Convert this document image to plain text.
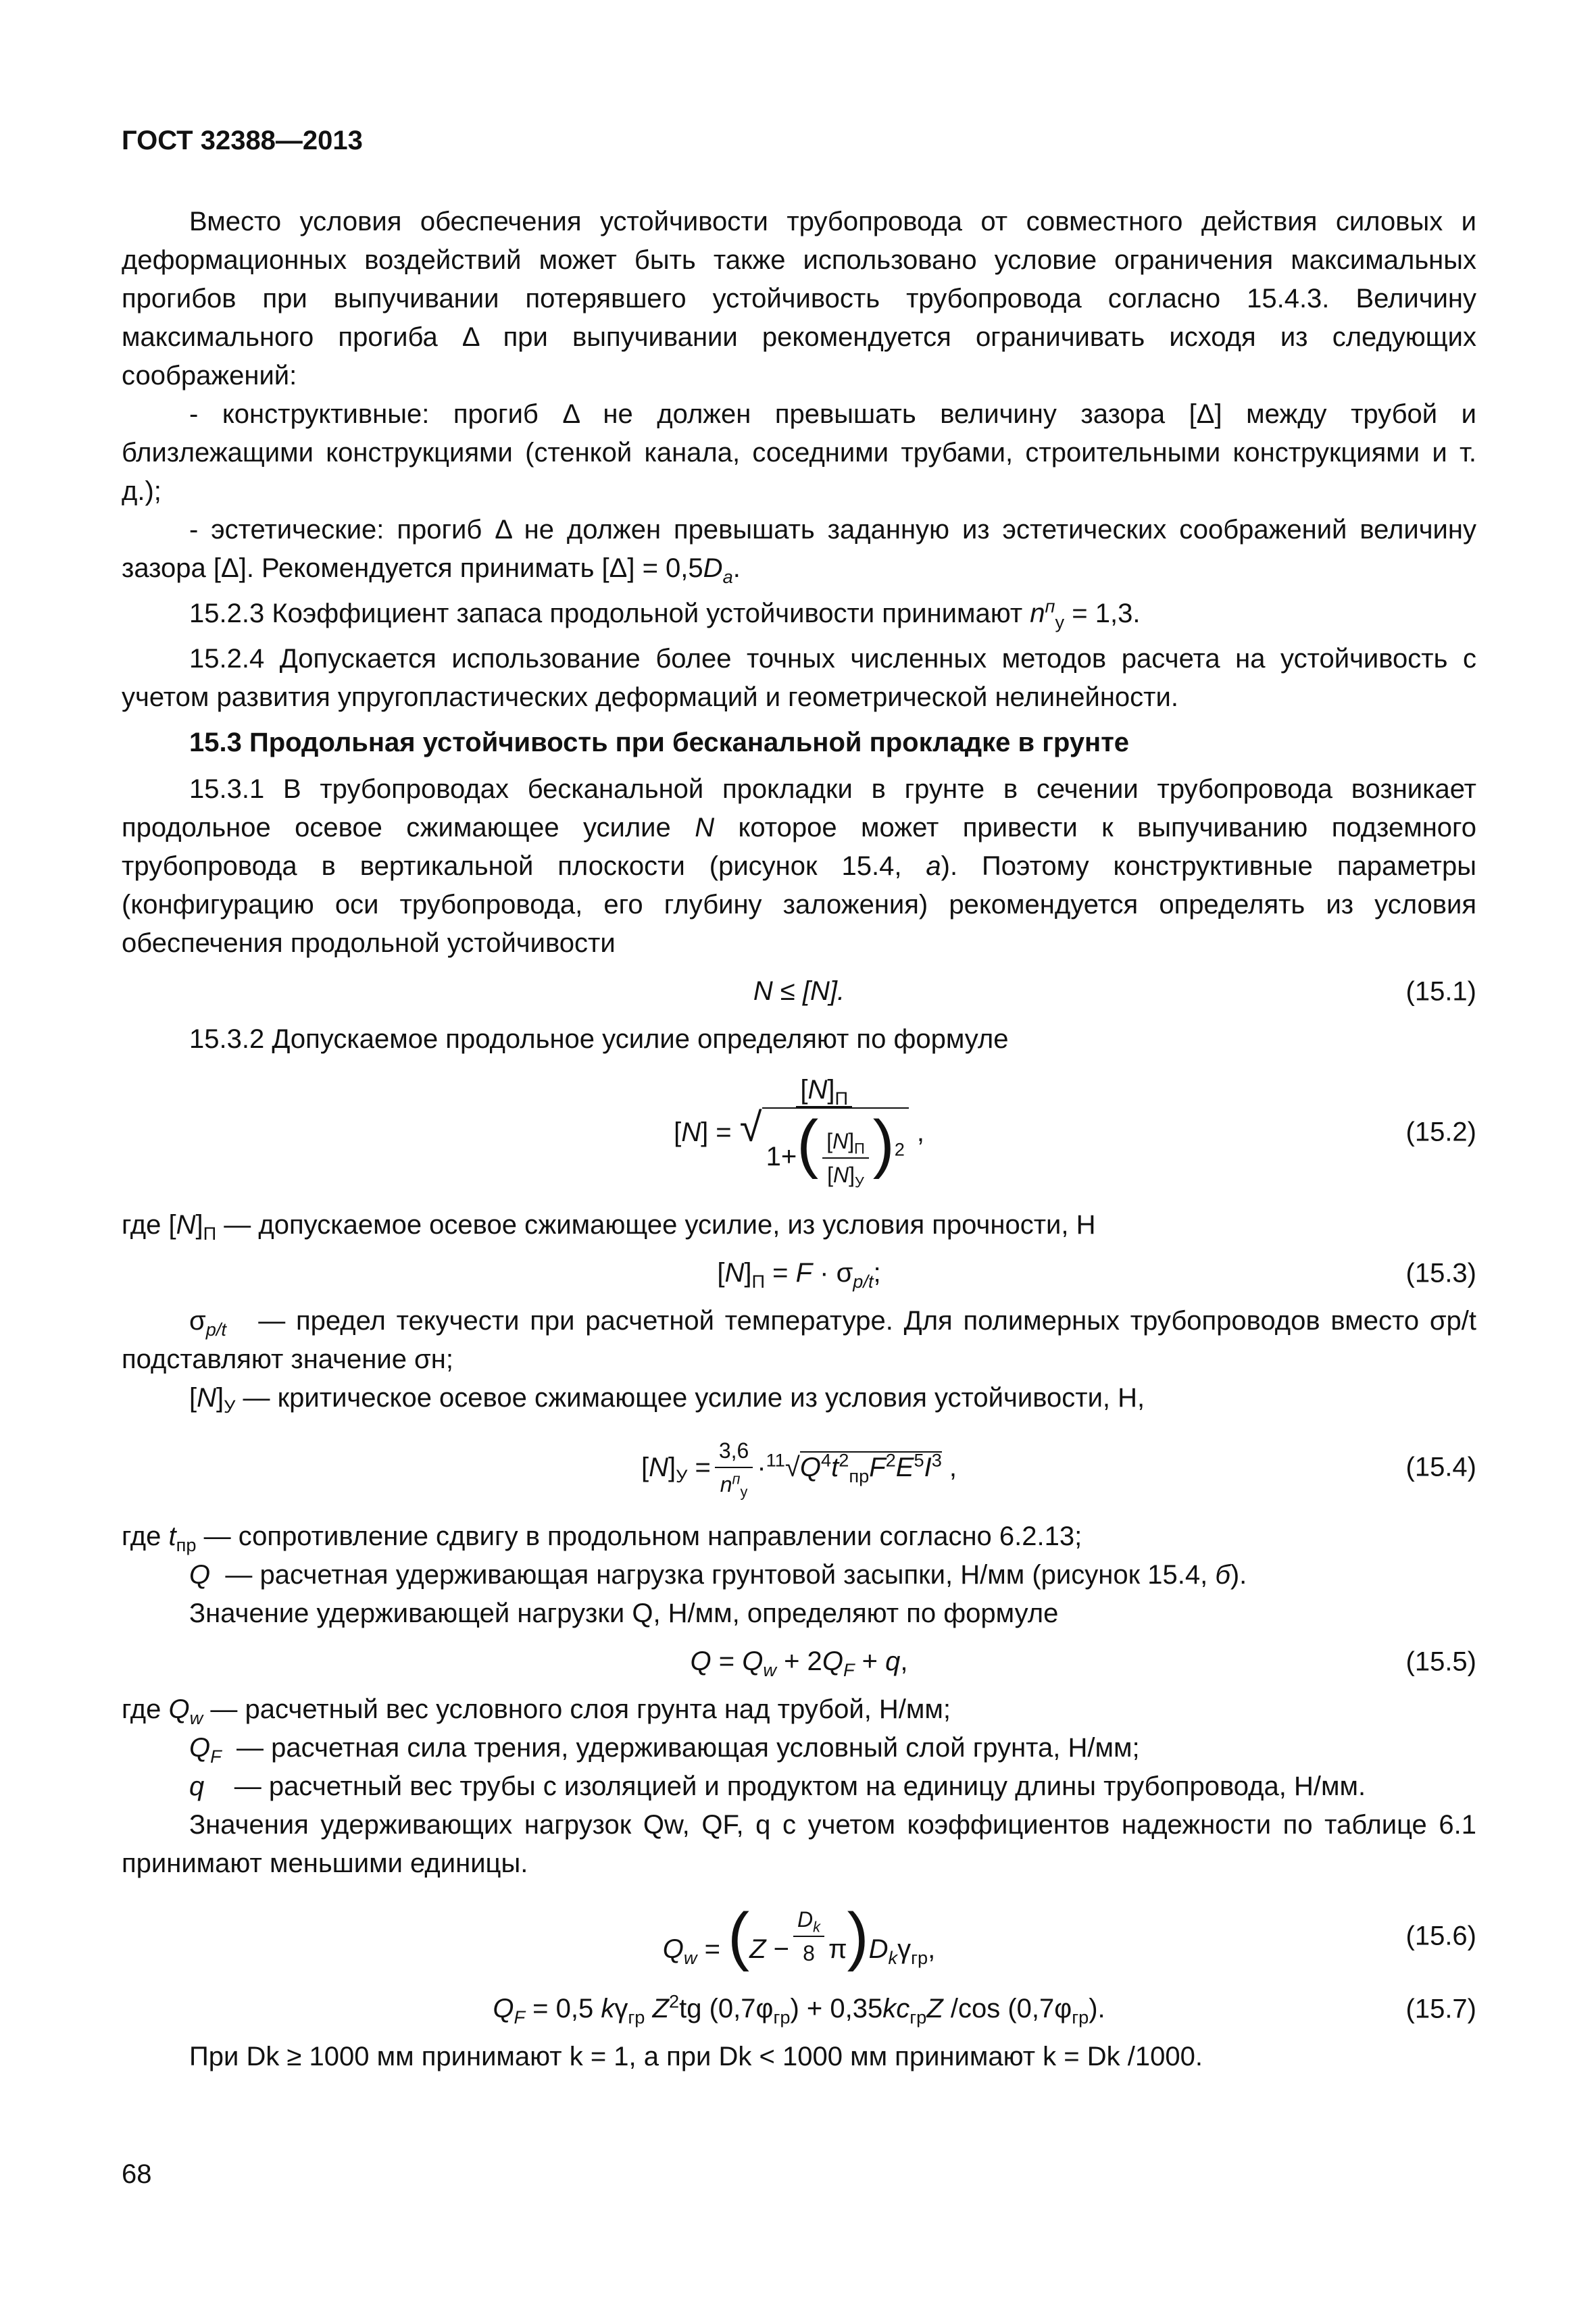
ГОСТ 32388—2013

Вместо условия обеспечения устойчивости трубопровода от совместного действия силовых и деформационных воздействий может быть также использовано условие ограничения максимальных прогибов при выпучивании потерявшего устойчивость трубопровода согласно 15.4.3. Величину максимального прогиба Δ при выпучивании рекомендуется ограничивать исходя из следующих соображений:

- конструктивные: прогиб Δ не должен превышать величину зазора [Δ] между трубой и близлежащими конструкциями (стенкой канала, соседними трубами, строительными конструкциями и т. д.);

- эстетические: прогиб Δ не должен превышать заданную из эстетических соображений величину зазора [Δ]. Рекомендуется принимать $[\Delta] = 0,5D_a$.

15.2.3 Коэффициент запаса продольной устойчивости принимают $n^п_у = 1,3$.

15.2.4 Допускается использование более точных численных методов расчета на устойчивость с учетом развития упругопластических деформаций и геометрической нелинейности.

15.3 Продольная устойчивость при бесканальной прокладке в грунте

15.3.1 В трубопроводах бесканальной прокладки в грунте в сечении трубопровода возникает продольное осевое сжимающее усилие N которое может привести к выпучиванию подземного трубопровода в вертикальной плоскости (рисунок 15.4, а). Поэтому конструктивные параметры (конфигурацию оси трубопровода, его глубину заложения) рекомендуется определять из условия обеспечения продольной устойчивости

N ≤ [N].	(15.1)

15.3.2 Допускаемое продольное усилие определяют по формуле

$[N] = [N]_П$
√
$1+( \frac{[N]_П}{[N]_У} )^2$ ,	(15.2)

где $[N]_П$ — допускаемое осевое сжимающее усилие, из условия прочности, Н

$[N]_П = F \cdot \sigma_{p/t}$;	(15.3)

$\sigma_{p/t}$ — предел текучести при расчетной температуре. Для полимерных трубопроводов вместо σp/t подставляют значение σн;

$[N]_У$ — критическое осевое сжимающее усилие из условия устойчивости, Н,

$[N]_У = \frac{3,6}{n^п_у} \cdot^{11}√Q^4t^2_{пр}F^2E^5I^3$ ,	(15.4)

где $t_{пр}$ — сопротивление сдвигу в продольном направлении согласно 6.2.13;

Q — расчетная удерживающая нагрузка грунтовой засыпки, Н/мм (рисунок 15.4, б).

Значение удерживающей нагрузки Q, Н/мм, определяют по формуле

$Q = Q_w + 2Q_F + q$,	(15.5)

где $Q_w$ — расчетный вес условного слоя грунта над трубой, Н/мм;

$Q_F$ — расчетная сила трения, удерживающая условный слой грунта, Н/мм;

q — расчетный вес трубы с изоляцией и продуктом на единицу длины трубопровода, Н/мм.

Значения удерживающих нагрузок Qw, QF, q с учетом коэффициентов надежности по таблице 6.1 принимают меньшими единицы.

$Q_w = (Z - \frac{D_k}{8} \pi)D_k\gamma_{гр}$,	(15.6)
$Q_F = 0,5$ $k\gamma_{гр}$ $Z^2tg$ $(0,7\varphi_{гр}) + 0,35kc_{гр}Z$ /cos $(0,7\varphi_{гр})$.	(15.7)

При Dk ≥ 1000 мм принимают k = 1, а при Dk < 1000 мм принимают k = Dk /1000.

68
